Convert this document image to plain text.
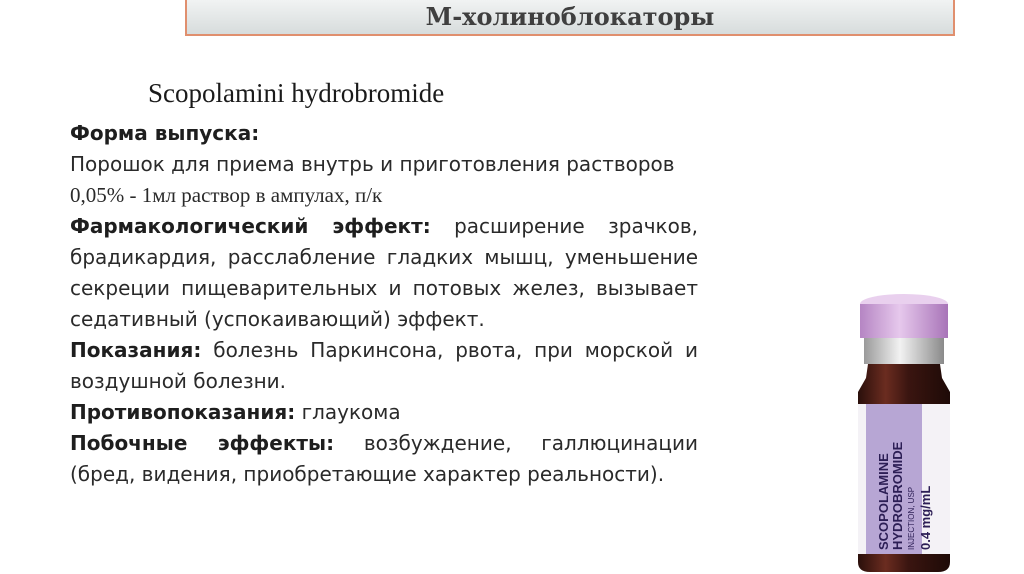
М-холиноблокаторы
Scopolamini hydrobromide

Форма выпуска:

Порошок для приема внутрь и приготовления растворов

0,05% - 1мл раствор в ампулах, п/к

Фармакологический эффект: расширение зрачков, брадикардия, расслабление гладких мышц, уменьшение секреции пищеварительных и потовых желез, вызывает седативный (успокаивающий) эффект.

Показания: болезнь Паркинсона, рвота, при морской и воздушной болезни.

Противопоказания: глаукома

Побочные эффекты: возбуждение, галлюцинации (бред, видения, приобретающие характер реальности).	SCOPOLAMINE HYDROBROMIDE INJECTION, USP 0.4 mg/mL
